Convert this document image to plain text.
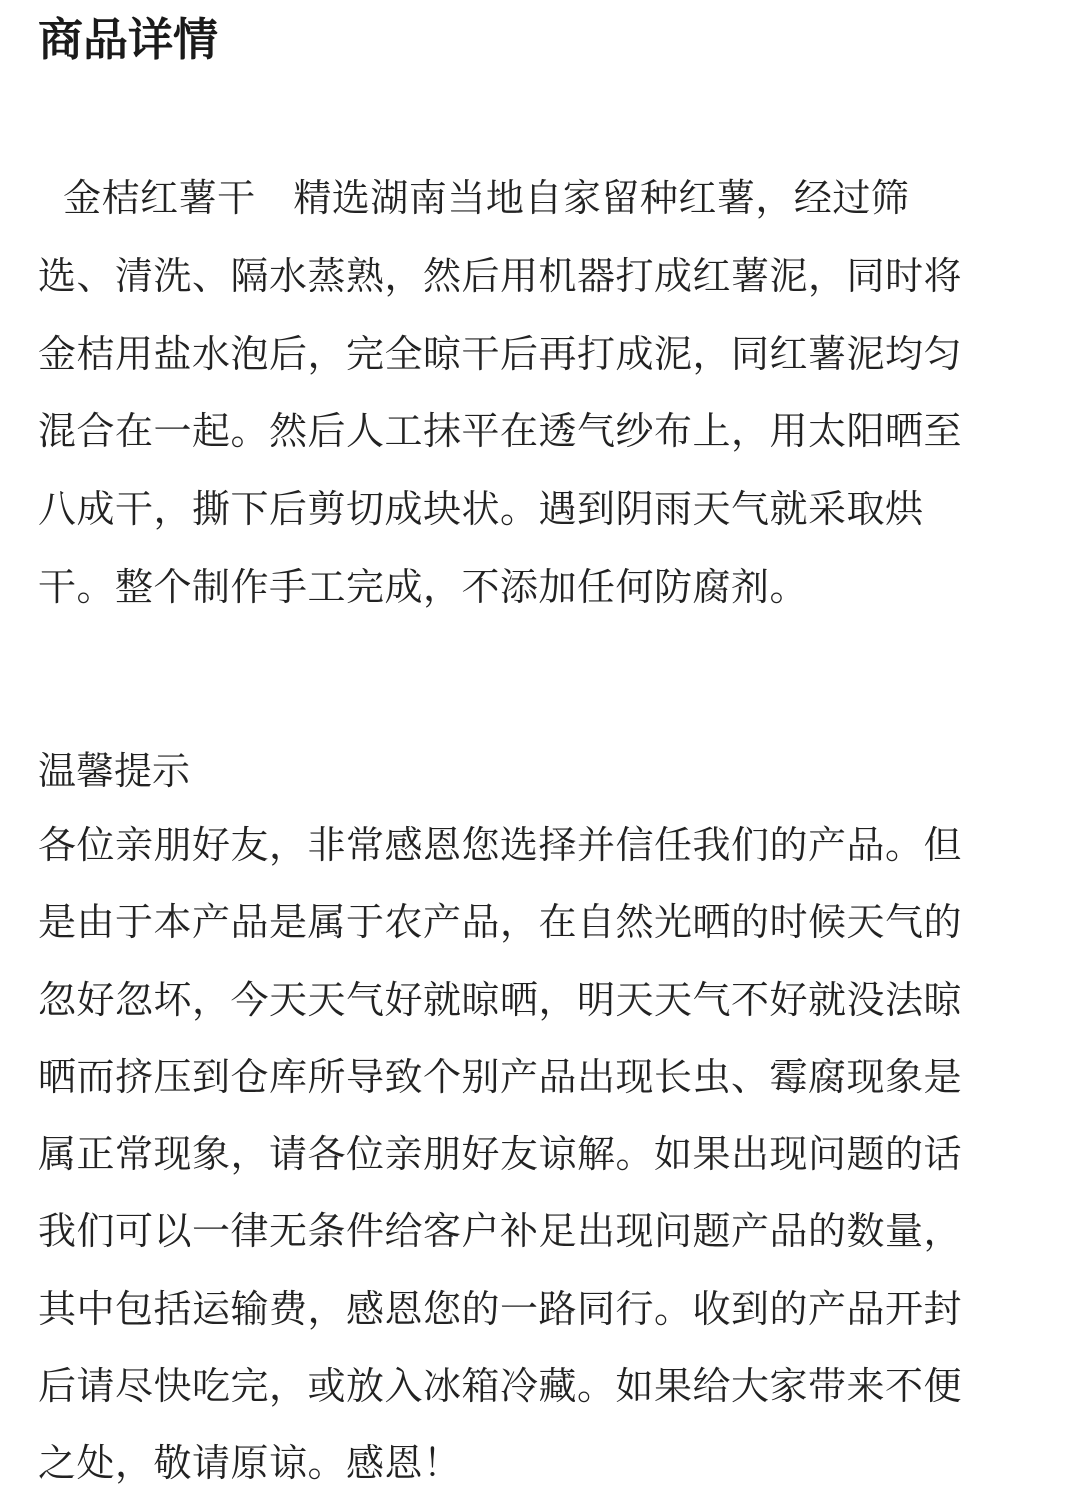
商品详情
金桔红薯干   精选湖南当地自家留种红薯，经过筛
选、清洗、隔水蒸熟，然后用机器打成红薯泥，同时将
金桔用盐水泡后，完全晾干后再打成泥，同红薯泥均匀
混合在一起。然后人工抹平在透气纱布上，用太阳晒至
八成干，撕下后剪切成块状。遇到阴雨天气就采取烘
干。整个制作手工完成，不添加任何防腐剂。
温馨提示
各位亲朋好友，非常感恩您选择并信任我们的产品。但
是由于本产品是属于农产品，在自然光晒的时候天气的
忽好忽坏，今天天气好就晾晒，明天天气不好就没法晾
晒而挤压到仓库所导致个别产品出现长虫、霉腐现象是
属正常现象，请各位亲朋好友谅解。如果出现问题的话
我们可以一律无条件给客户补足出现问题产品的数量，
其中包括运输费，感恩您的一路同行。收到的产品开封
后请尽快吃完，或放入冰箱冷藏。如果给大家带来不便
之处，敬请原谅。感恩！
